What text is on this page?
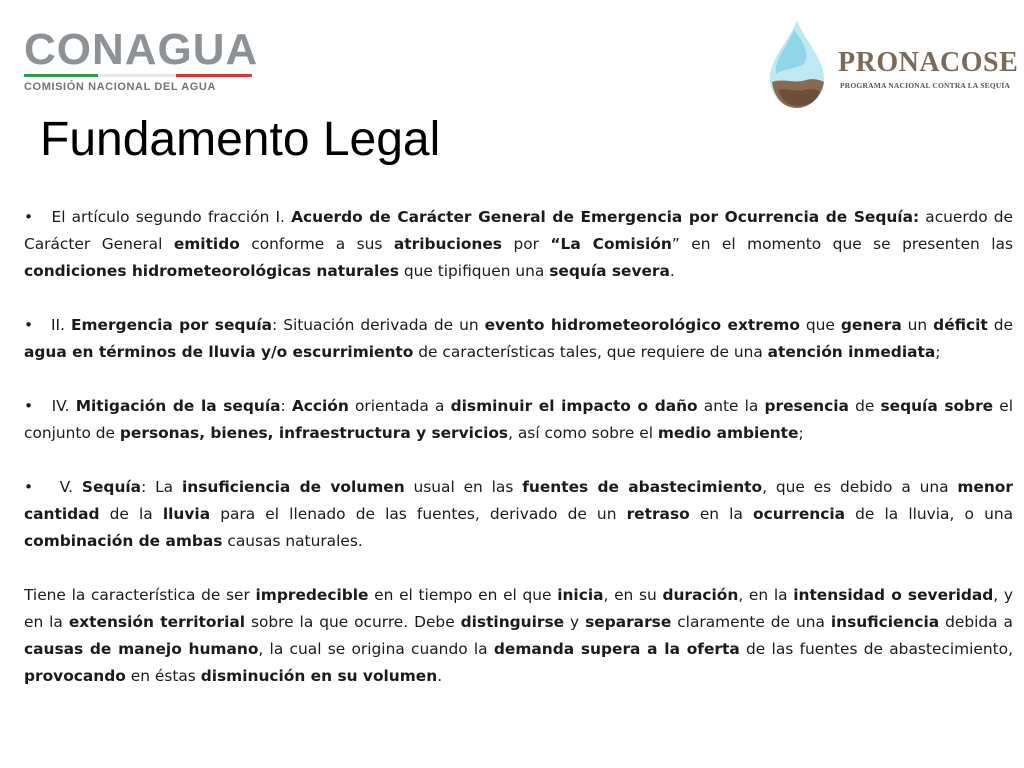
CONAGUA
COMISIÓN NACIONAL DEL AGUA
PRONACOSE
PROGRAMA NACIONAL CONTRA LA SEQUÍA
Fundamento Legal

• El artículo segundo fracción I. Acuerdo de Carácter General de Emergencia por Ocurrencia de Sequía: acuerdo de Carácter General emitido conforme a sus atribuciones por “La Comisión” en el momento que se presenten las condiciones hidrometeorológicas naturales que tipifiquen una sequía severa.

• II. Emergencia por sequía: Situación derivada de un evento hidrometeorológico extremo que genera un déficit de agua en términos de lluvia y/o escurrimiento de características tales, que requiere de una atención inmediata;

• IV. Mitigación de la sequía: Acción orientada a disminuir el impacto o daño ante la presencia de sequía sobre el conjunto de personas, bienes, infraestructura y servicios, así como sobre el medio ambiente;

• V. Sequía: La insuficiencia de volumen usual en las fuentes de abastecimiento, que es debido a una menor cantidad de la lluvia para el llenado de las fuentes, derivado de un retraso en la ocurrencia de la lluvia, o una combinación de ambas causas naturales.

Tiene la característica de ser impredecible en el tiempo en el que inicia, en su duración, en la intensidad o severidad, y en la extensión territorial sobre la que ocurre. Debe distinguirse y separarse claramente de una insuficiencia debida a causas de manejo humano, la cual se origina cuando la demanda supera a la oferta de las fuentes de abastecimiento, provocando en éstas disminución en su volumen.
